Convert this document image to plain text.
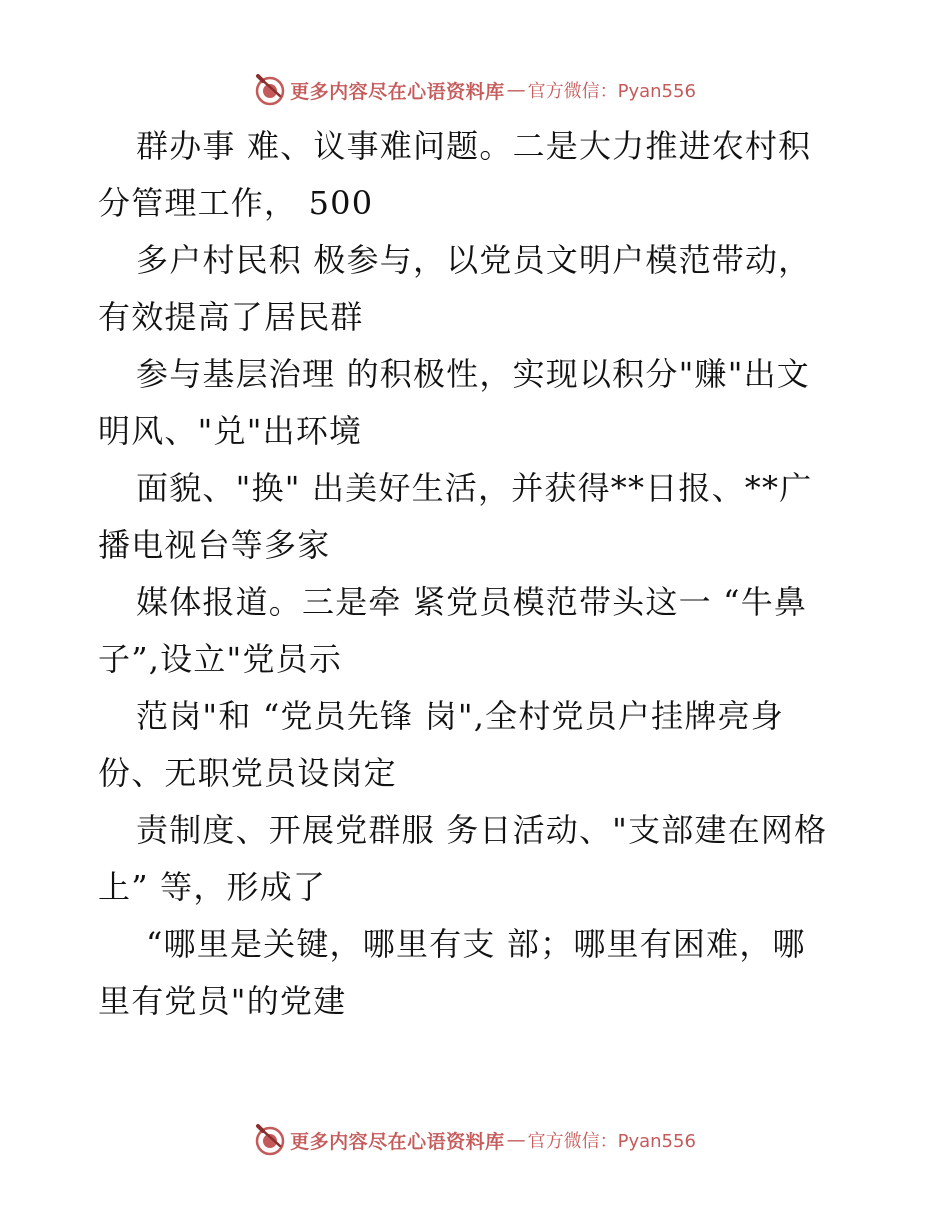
更多内容尽在心语资料库 — 官方微信：Pyan556
群办事 难、议事难问题。二是大力推进农村积
分管理工作， 500
多户村民积 极参与，以党员文明户模范带动，
有效提高了居民群
参与基层治理 的积极性，实现以积分"赚"出文
明风、"兑"出环境
面貌、"换" 出美好生活，并获得**日报、**广
播电视台等多家
媒体报道。三是牵 紧党员模范带头这一 “牛鼻
子”,设立"党员示
范岗"和 “党员先锋 岗",全村党员户挂牌亮身
份、无职党员设岗定
责制度、开展党群服 务日活动、"支部建在网格
上” 等，形成了
“哪里是关键，哪里有支 部；哪里有困难，哪
里有党员"的党建
更多内容尽在心语资料库 — 官方微信：Pyan556
